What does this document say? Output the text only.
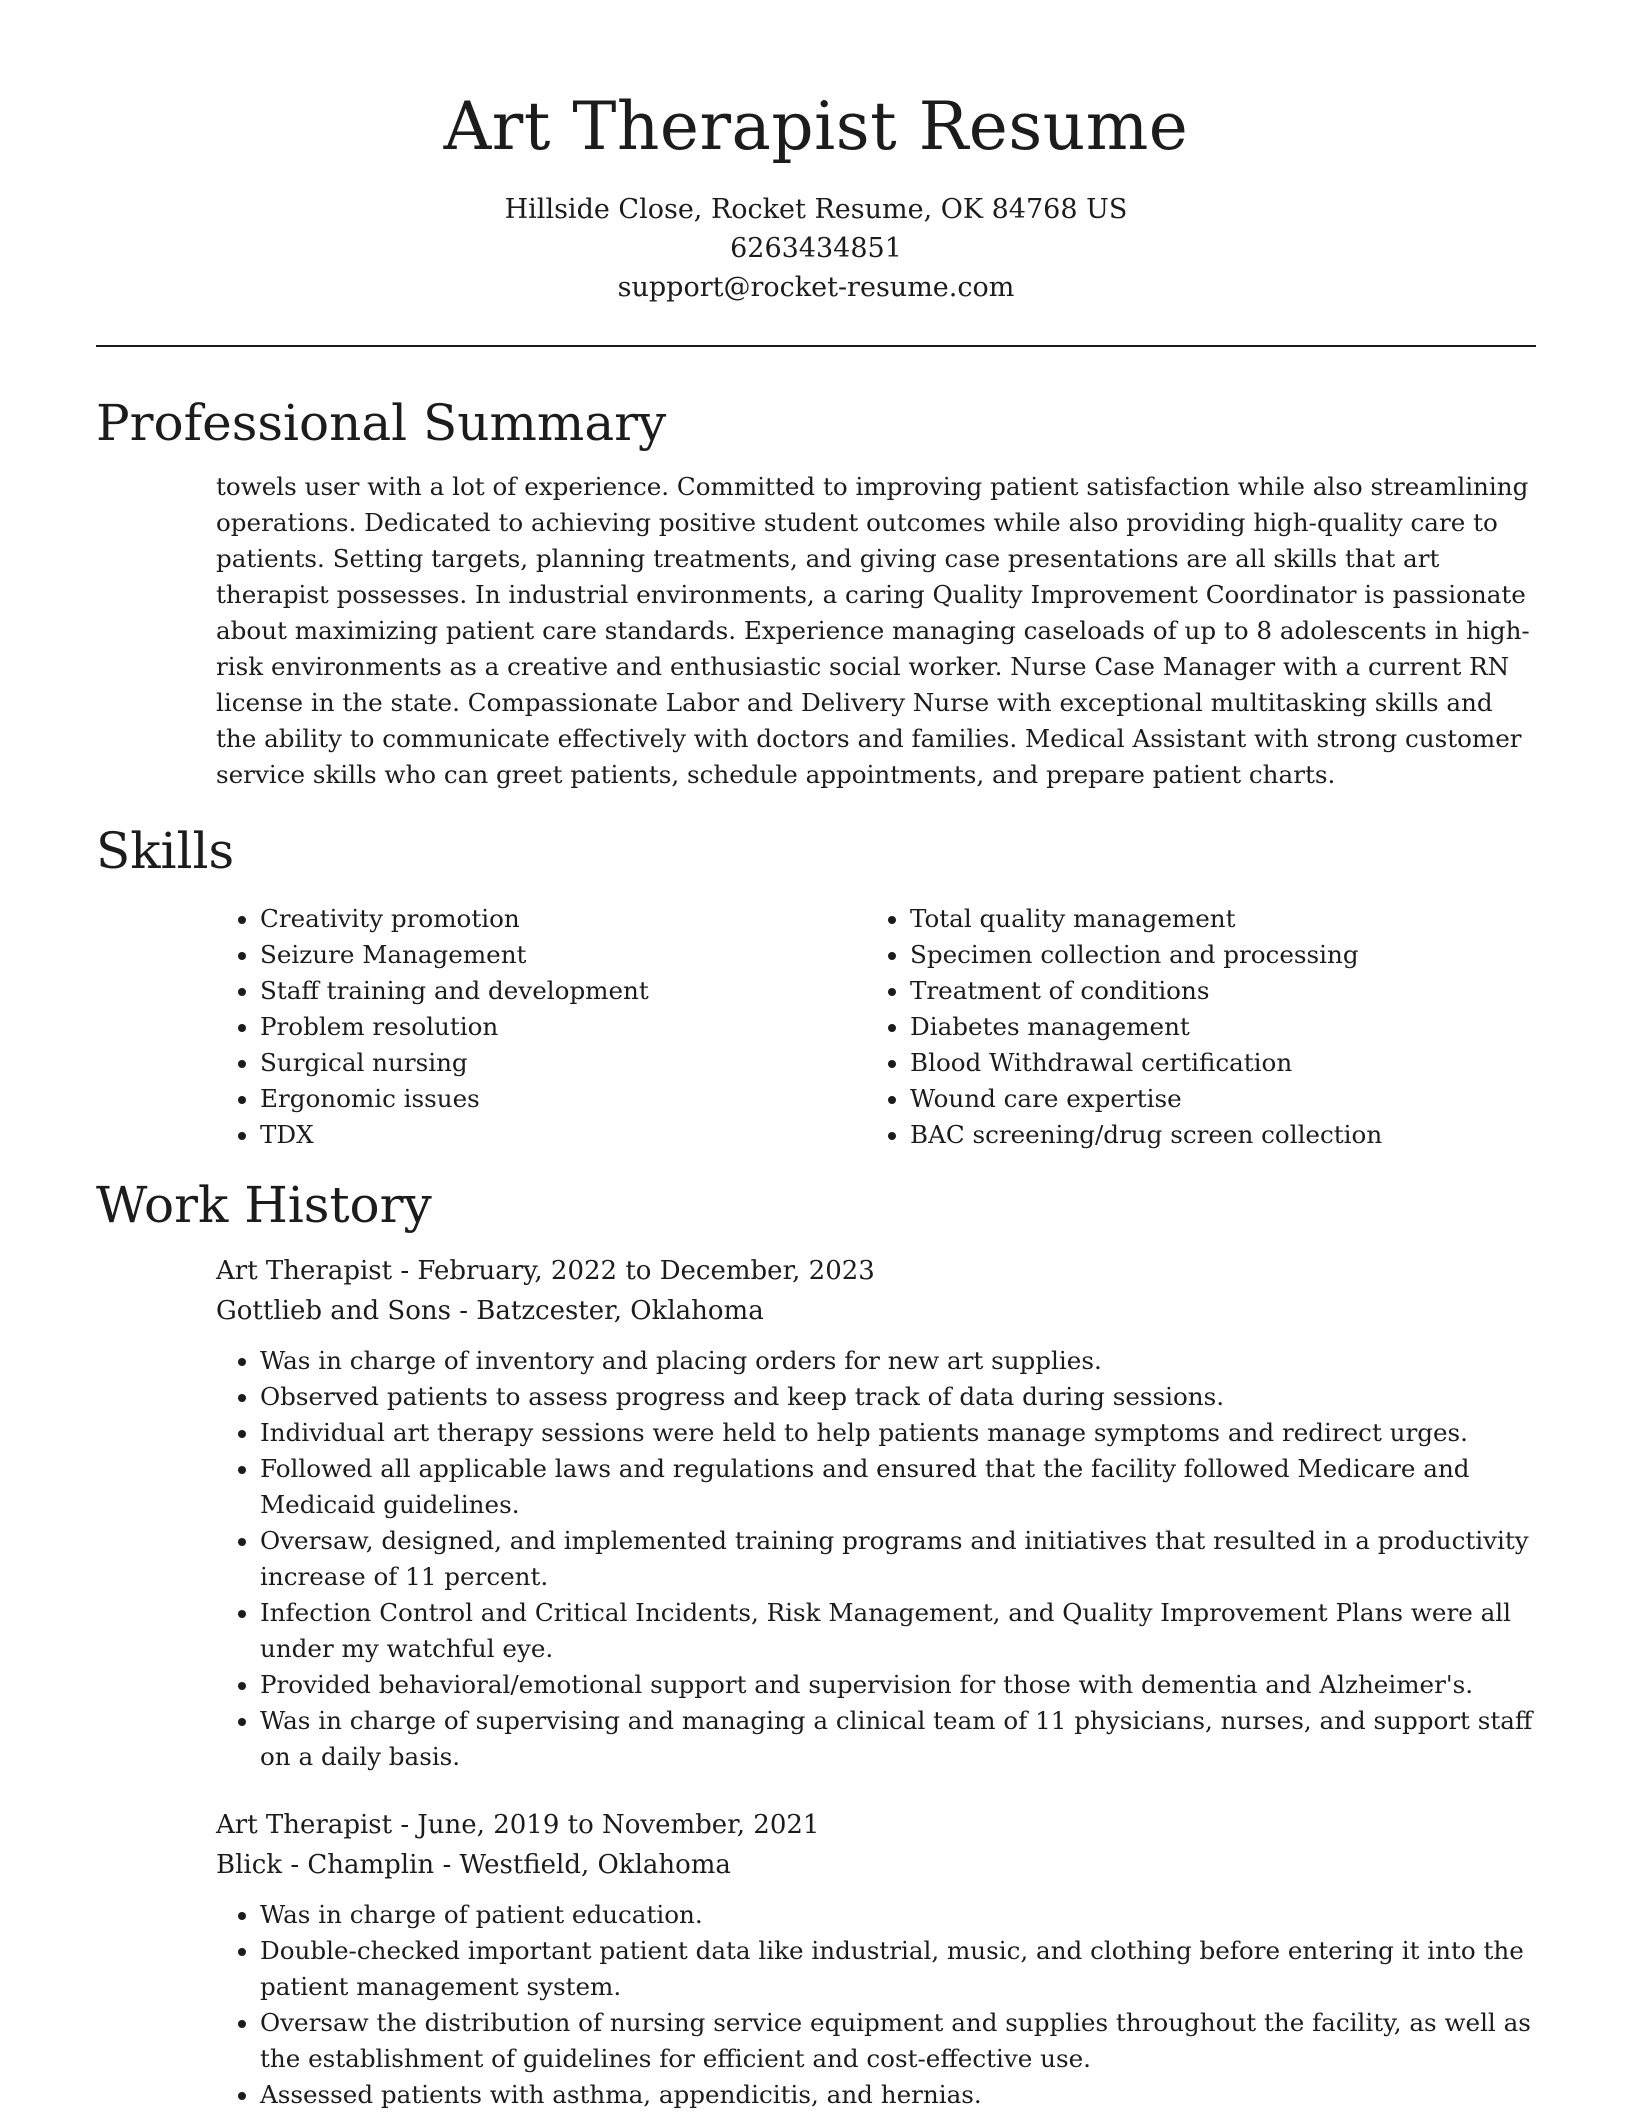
Art Therapist Resume
Hillside Close, Rocket Resume, OK 84768 US
6263434851
support@rocket-resume.com
Professional Summary

towels user with a lot of experience. Committed to improving patient satisfaction while also streamlining operations. Dedicated to achieving positive student outcomes while also providing high-quality care to patients. Setting targets, planning treatments, and giving case presentations are all skills that art therapist possesses. In industrial environments, a caring Quality Improvement Coordinator is passionate about maximizing patient care standards. Experience managing caseloads of up to 8 adolescents in high-risk environments as a creative and enthusiastic social worker. Nurse Case Manager with a current RN license in the state. Compassionate Labor and Delivery Nurse with exceptional multitasking skills and the ability to communicate effectively with doctors and families. Medical Assistant with strong customer service skills who can greet patients, schedule appointments, and prepare patient charts.

Skills
• Creativity promotion
• Seizure Management
• Staff training and development
• Problem resolution
• Surgical nursing
• Ergonomic issues
• TDX
• Total quality management
• Specimen collection and processing
• Treatment of conditions
• Diabetes management
• Blood Withdrawal certification
• Wound care expertise
• BAC screening/drug screen collection
Work History
Art Therapist - February, 2022 to December, 2023
Gottlieb and Sons - Batzcester, Oklahoma
• Was in charge of inventory and placing orders for new art supplies.
• Observed patients to assess progress and keep track of data during sessions.
• Individual art therapy sessions were held to help patients manage symptoms and redirect urges.
• Followed all applicable laws and regulations and ensured that the facility followed Medicare and Medicaid guidelines.
• Oversaw, designed, and implemented training programs and initiatives that resulted in a productivity increase of 11 percent.
• Infection Control and Critical Incidents, Risk Management, and Quality Improvement Plans were all under my watchful eye.
• Provided behavioral/emotional support and supervision for those with dementia and Alzheimer's.
• Was in charge of supervising and managing a clinical team of 11 physicians, nurses, and support staff on a daily basis.
Art Therapist - June, 2019 to November, 2021
Blick - Champlin - Westfield, Oklahoma
• Was in charge of patient education.
• Double-checked important patient data like industrial, music, and clothing before entering it into the patient management system.
• Oversaw the distribution of nursing service equipment and supplies throughout the facility, as well as the establishment of guidelines for efficient and cost-effective use.
• Assessed patients with asthma, appendicitis, and hernias.
